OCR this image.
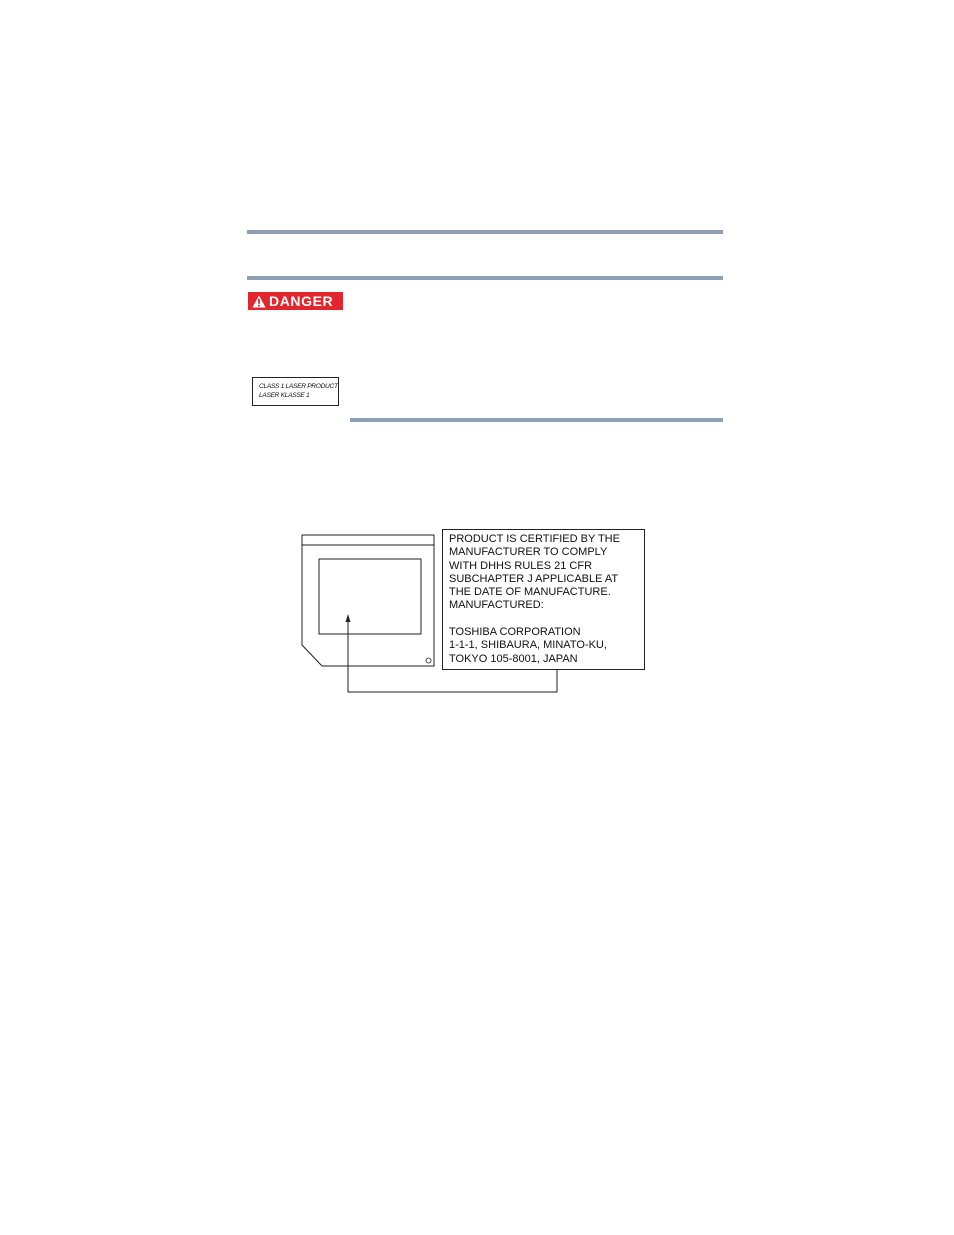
DANGER
CLASS 1 LASER PRODUCT
LASER KLASSE 1
PRODUCT IS CERTIFIED BY THE
MANUFACTURER TO COMPLY
WITH DHHS RULES 21 CFR
SUBCHAPTER J APPLICABLE AT
THE DATE OF MANUFACTURE.
MANUFACTURED:
TOSHIBA CORPORATION
1-1-1, SHIBAURA, MINATO-KU,
TOKYO 105-8001, JAPAN
